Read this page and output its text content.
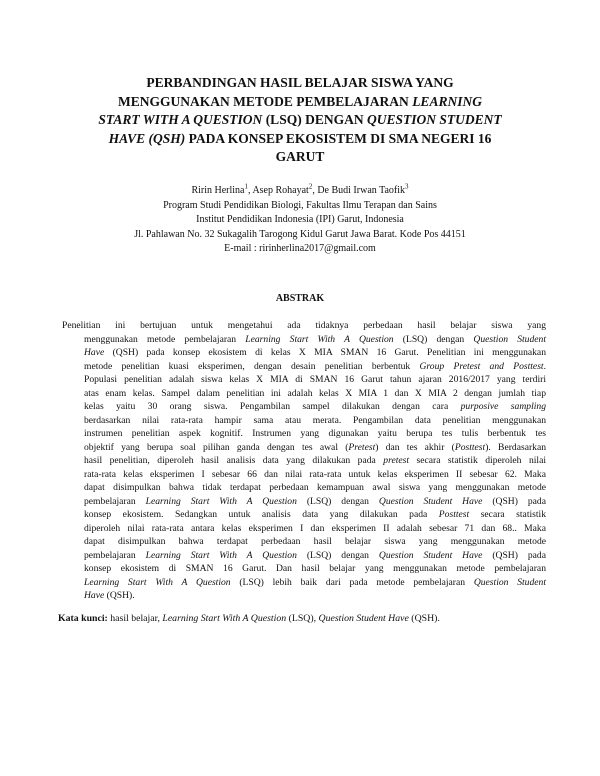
PERBANDINGAN HASIL BELAJAR SISWA YANG
MENGGUNAKAN METODE PEMBELAJARAN LEARNING
START WITH A QUESTION (LSQ) DENGAN QUESTION STUDENT
HAVE (QSH) PADA KONSEP EKOSISTEM DI SMA NEGERI 16
GARUT
Ririn Herlina$^1$, Asep Rohayat$^2$, De Budi Irwan Taofik$^3$
Program Studi Pendidikan Biologi, Fakultas Ilmu Terapan dan Sains
Institut Pendidikan Indonesia (IPI) Garut, Indonesia
Jl. Pahlawan No. 32 Sukagalih Tarogong Kidul Garut Jawa Barat. Kode Pos 44151
E-mail : ririnherlina2017@gmail.com
ABSTRAK
Penelitian ini bertujuan untuk mengetahui ada tidaknya perbedaan hasil belajar siswa yang
menggunakan metode pembelajaran Learning Start With A Question (LSQ) dengan Question Student
Have (QSH) pada konsep ekosistem di kelas X MIA SMAN 16 Garut. Penelitian ini menggunakan
metode penelitian kuasi eksperimen, dengan desain penelitian berbentuk Group Pretest and Posttest.
Populasi penelitian adalah siswa kelas X MIA di SMAN 16 Garut tahun ajaran 2016/2017 yang terdiri
atas enam kelas. Sampel dalam penelitian ini adalah kelas X MIA 1 dan X MIA 2 dengan jumlah tiap
kelas yaitu 30 orang siswa. Pengambilan sampel dilakukan dengan cara purposive sampling
berdasarkan nilai rata-rata hampir sama atau merata. Pengambilan data penelitian menggunakan
instrumen penelitian aspek kognitif. Instrumen yang digunakan yaitu berupa tes tulis berbentuk tes
objektif yang berupa soal pilihan ganda dengan tes awal (Pretest) dan tes akhir (Posttest). Berdasarkan
hasil penelitian, diperoleh hasil analisis data yang dilakukan pada pretest secara statistik diperoleh nilai
rata-rata kelas eksperimen I sebesar 66 dan nilai rata-rata untuk kelas eksperimen II sebesar 62. Maka
dapat disimpulkan bahwa tidak terdapat perbedaan kemampuan awal siswa yang menggunakan metode
pembelajaran Learning Start With A Question (LSQ) dengan Question Student Have (QSH) pada
konsep ekosistem. Sedangkan untuk analisis data yang dilakukan pada Posttest secara statistik
diperoleh nilai rata-rata antara kelas eksperimen I dan eksperimen II adalah sebesar 71 dan 68.. Maka
dapat disimpulkan bahwa terdapat perbedaan hasil belajar siswa yang menggunakan metode
pembelajaran Learning Start With A Question (LSQ) dengan Question Student Have (QSH) pada
konsep ekosistem di SMAN 16 Garut. Dan hasil belajar yang menggunakan metode pembelajaran
Learning Start With A Question (LSQ) lebih baik dari pada metode pembelajaran Question Student
Have (QSH).
Kata kunci: hasil belajar, Learning Start With A Question (LSQ), Question Student Have (QSH).
